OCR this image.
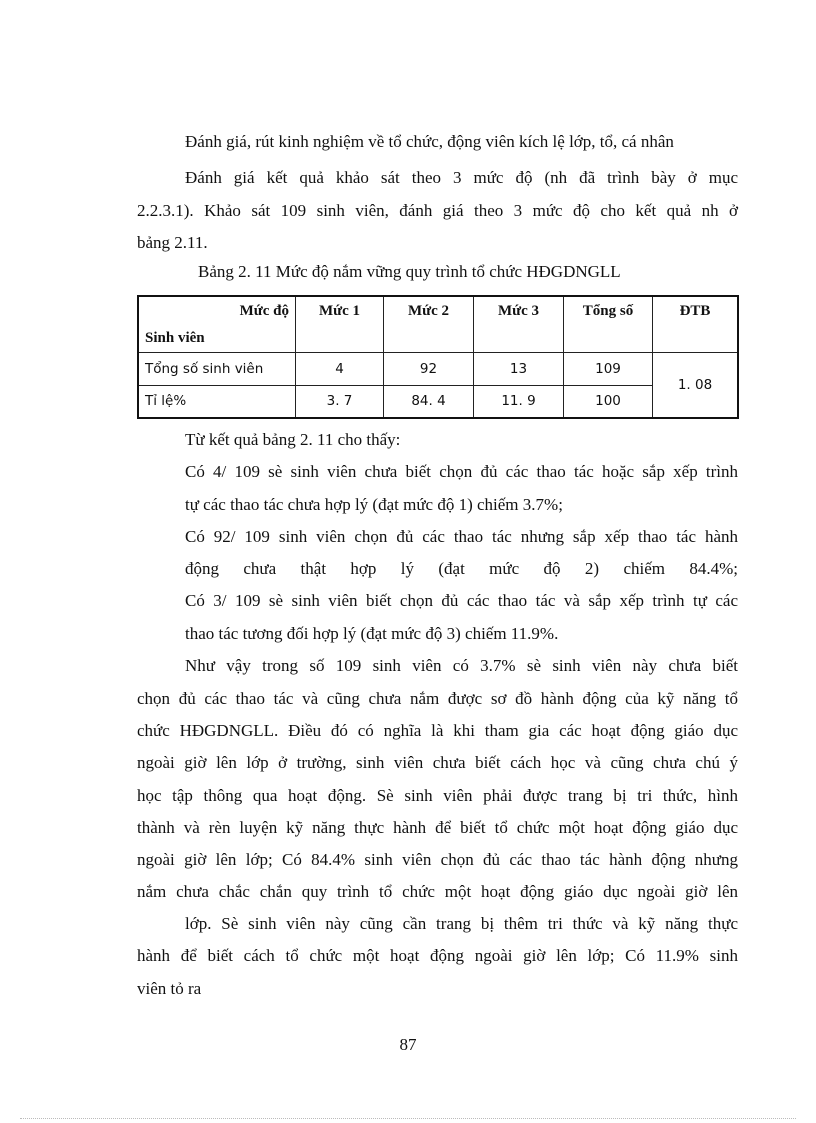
Đánh giá, rút kinh nghiệm về tổ chức, động viên kích lệ lớp, tổ, cá nhân
Đánh giá kết quả khảo sát theo 3 mức độ (nh đã trình bày ở mục
2.2.3.1). Khảo sát 109 sinh viên, đánh giá theo 3 mức độ cho kết quả nh ở
bảng 2.11.
Bảng 2. 11 Mức độ nắm vững quy trình tổ chức HĐGDNGLL
Mức độ
Sinh viên	Mức 1	Mức 2	Mức 3	Tổng số	ĐTB
Tổng số sinh viên	4	92	13	109	1. 08
Tỉ lệ%	3. 7	84. 4	11. 9	100	
Từ kết quả bảng 2. 11 cho thấy:
Có 4/ 109 sè sinh viên chưa biết chọn đủ các thao tác hoặc sắp xếp trình
tự các thao tác chưa hợp lý (đạt mức độ 1) chiếm 3.7%;
Có 92/ 109 sinh viên chọn đủ các thao tác nhưng sắp xếp thao tác hành
động chưa thật hợp lý (đạt mức độ 2) chiếm 84.4%;
Có 3/ 109 sè sinh viên biết chọn đủ các thao tác và sắp xếp trình tự các
thao tác tương đối hợp lý (đạt mức độ 3) chiếm 11.9%.
Như vậy trong số 109 sinh viên có 3.7% sè sinh viên này chưa biết
chọn đủ các thao tác và cũng chưa nắm được sơ đồ hành động của kỹ năng tổ
chức HĐGDNGLL. Điều đó có nghĩa là khi tham gia các hoạt động giáo dục
ngoài giờ lên lớp ở trường, sinh viên chưa biết cách học và cũng chưa chú ý
học tập thông qua hoạt động. Sè sinh viên phải được trang bị tri thức, hình
thành và rèn luyện kỹ năng thực hành để biết tổ chức một hoạt động giáo dục
ngoài giờ lên lớp; Có 84.4% sinh viên chọn đủ các thao tác hành động nhưng
nắm chưa chắc chắn quy trình tổ chức một hoạt động giáo dục ngoài giờ lên
lớp. Sè sinh viên này cũng cần trang bị thêm tri thức và kỹ năng thực
hành để biết cách tổ chức một hoạt động ngoài giờ lên lớp; Có 11.9% sinh
viên tỏ ra
87
